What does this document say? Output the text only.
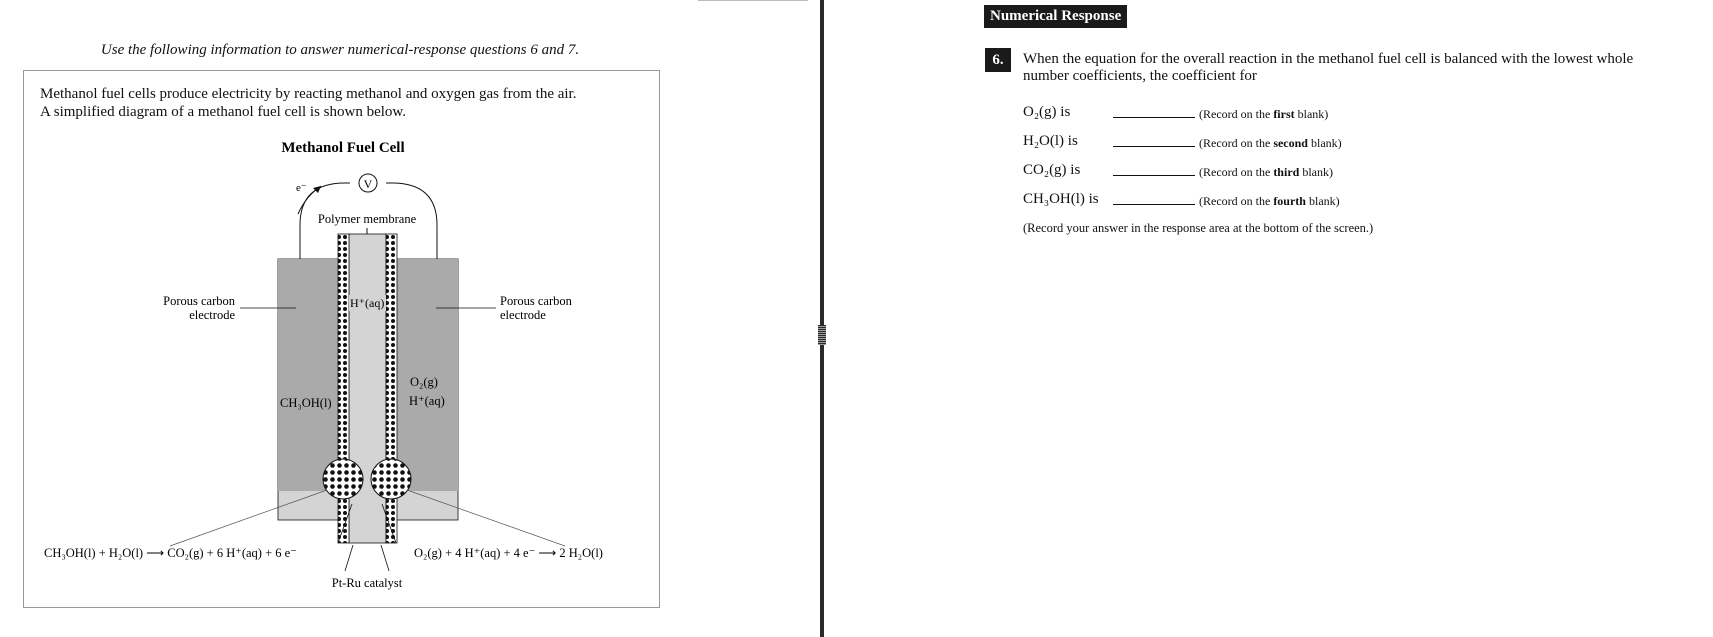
Use the following information to answer numerical-response questions 6 and 7.

Methanol fuel cells produce electricity by reacting methanol and oxygen gas from the air.

A simplified diagram of a methanol fuel cell is shown below.

Methanol Fuel Cell
V
e⁻
Polymer membrane
Porous carbon
electrode
Porous carbon
electrode
H⁺(aq)
CH₃OH(l)
O₂(g)
H⁺(aq)
CH₃OH(l) + H₂O(l) ⟶ CO₂(g) + 6 H⁺(aq) + 6 e⁻	O₂(g) + 4 H⁺(aq) + 4 e⁻ ⟶ 2 H₂O(l)
Pt-Ru catalyst
Numerical Response
6.	When the equation for the overall reaction in the methanol fuel cell is balanced with the lowest whole number coefficients, the coefficient for
O₂(g) is	(Record on the first blank)
H₂O(l) is	(Record on the second blank)
CO₂(g) is	(Record on the third blank)
CH₃OH(l) is	(Record on the fourth blank)
(Record your answer in the response area at the bottom of the screen.)
